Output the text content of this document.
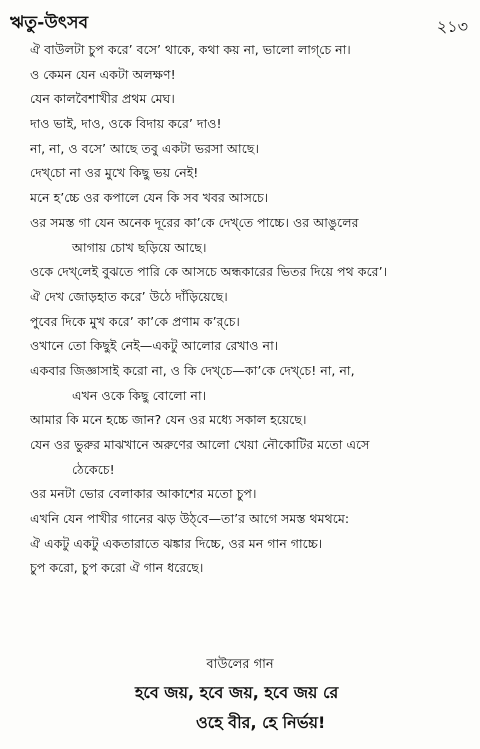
ঋতু-উৎসব	২১৩
ঐ বাউলটা চুপ করে’ বসে’ থাকে, কথা কয় না, ভালো লাগ্‌চে না।
ও কেমন যেন একটা অলক্ষণ!
যেন কালবৈশাখীর প্রথম মেঘ।
দাও ভাই, দাও, ওকে বিদায় করে’ দাও!
না, না, ও বসে’ আছে তবু একটা ভরসা আছে।
দেখ্‌চো না ওর মুখে কিছু ভয় নেই!
মনে হ’চ্চে ওর কপালে যেন কি সব খবর আসচে।
ওর সমস্ত গা যেন অনেক দূরের কা’কে দেখ্‌তে পাচ্চে। ওর আঙুলের
আগায় চোখ ছড়িয়ে আছে।
ওকে দেখ্‌লেই বুঝতে পারি কে আসচে অন্ধকারের ভিতর দিয়ে পথ করে’।
ঐ দেখ জোড়হাত করে’ উঠে দাঁড়িয়েছে।
পুবের দিকে মুখ করে’ কা’কে প্রণাম ক’র্‌চে।
ওখানে তো কিছুই নেই—একটু আলোর রেখাও না।
একবার জিজ্ঞাসাই করো না, ও কি দেখ্‌চে—কা’কে দেখ্‌চে! না, না,
এখন ওকে কিছু বোলো না।
আমার কি মনে হচ্চে জান? যেন ওর মধ্যে সকাল হয়েছে।
যেন ওর ভুরুর মাঝখানে অরুণের আলো খেয়া নৌকোটির মতো এসে
ঠেকেচে!
ওর মনটা ভোর বেলাকার আকাশের মতো চুপ।
এখনি যেন পাখীর গানের ঝড় উঠ্‌বে—তা’র আগে সমস্ত থমথমে:
ঐ একটু একটু একতারাতে ঝঙ্কার দিচ্চে, ওর মন গান গাচ্চে।
চুপ করো, চুপ করো ঐ গান ধরেছে।
বাউলের গান
হবে জয়, হবে জয়, হবে জয় রে
ওহে বীর, হে নির্ভয়!
